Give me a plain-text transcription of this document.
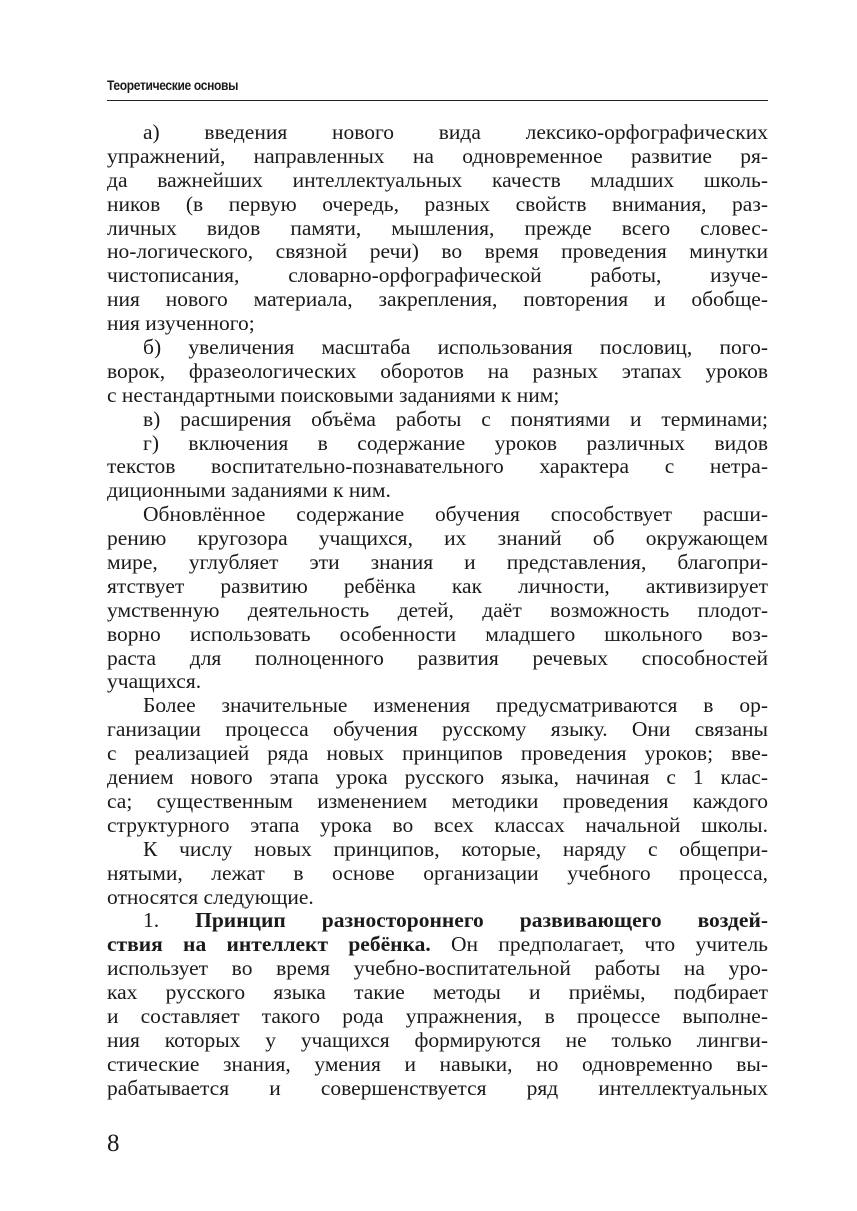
Теоретические основы
а) введения нового вида лексико-орфографических
упражнений, направленных на одновременное развитие ря-
да важнейших интеллектуальных качеств младших школь-
ников (в первую очередь, разных свойств внимания, раз-
личных видов памяти, мышления, прежде всего словес-
но-логического, связной речи) во время проведения минутки
чистописания, словарно-орфографической работы, изуче-
ния нового материала, закрепления, повторения и обобще-
ния изученного;
б) увеличения масштаба использования пословиц, пого-
ворок, фразеологических оборотов на разных этапах уроков
с нестандартными поисковыми заданиями к ним;
в) расширения объёма работы с понятиями и терминами;
г) включения в содержание уроков различных видов
текстов воспитательно-познавательного характера с нетра-
диционными заданиями к ним.
Обновлённое содержание обучения способствует расши-
рению кругозора учащихся, их знаний об окружающем
мире, углубляет эти знания и представления, благопри-
ятствует развитию ребёнка как личности, активизирует
умственную деятельность детей, даёт возможность плодот-
ворно использовать особенности младшего школьного воз-
раста для полноценного развития речевых способностей
учащихся.
Более значительные изменения предусматриваются в ор-
ганизации процесса обучения русскому языку. Они связаны
с реализацией ряда новых принципов проведения уроков; вве-
дением нового этапа урока русского языка, начиная с 1 клас-
са; существенным изменением методики проведения каждого
структурного этапа урока во всех классах начальной школы.
К числу новых принципов, которые, наряду с общепри-
нятыми, лежат в основе организации учебного процесса,
относятся следующие.
1. Принцип разностороннего развивающего воздей-
ствия на интеллект ребёнка. Он предполагает, что учитель
использует во время учебно-воспитательной работы на уро-
ках русского языка такие методы и приёмы, подбирает
и составляет такого рода упражнения, в процессе выполне-
ния которых у учащихся формируются не только лингви-
стические знания, умения и навыки, но одновременно вы-
рабатывается и совершенствуется ряд интеллектуальных
8
